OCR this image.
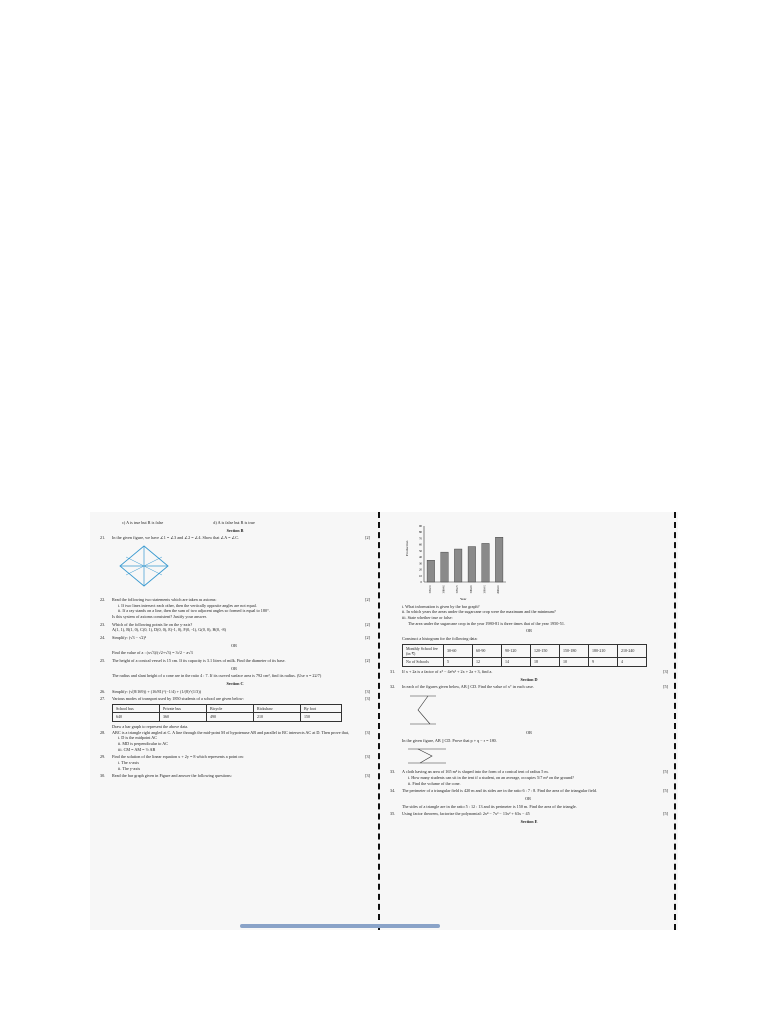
c) A is true but R is false	d) A is false but R is true
Section B
21. In the given figure, we have ∠1 = ∠3 and ∠2 = ∠4. Show that ∠A = ∠C.	[2]
22. Read the following two statements which are taken as axioms:	[2]
i. If two lines intersect each other, then the vertically opposite angles are not equal.
ii. If a ray stands on a line, then the sum of two adjacent angles so formed is equal to 180°.
Is this system of axioms consistent? Justify your answer.
23. Which of the following points lie on the y-axis?	[2]
A(1, 1), B(1, 0), C(0, 1), D(0, 0), E(-1, 0), F(0, -1), G(0, 0), H(0, -8)
24. Simplify: (√3 − √2)²	[2]
OR
Find the value of a : (x√3)/(√2+√3) = 3√2 − a√3
25. The height of a conical vessel is 15 cm. If its capacity is 3.1 litres of milk. Find the diameter of its base.	[2]
OR
The radius and slant height of a cone are in the ratio 4 : 7. If its curved surface area is 792 cm², find its radius. (Use π = 22/7)
Section C
26. Simplify: (√(8/169)) + (16/81)^(−1/4) + (1/(8)^(1/3))	[3]
27. Various modes of transport used by 1850 students of a school are given below:	[3]
School bus	Private bus	Bicycle	Rickshaw	By foot
640	360	490	210	150
Draw a bar graph to represent the above data.
28. ABC is a triangle right angled at C. A line through the mid-point M of hypotenuse AB and parallel to BC intersects AC at D. Then prove that,	[3]
i. D is the midpoint AC
ii. MD is perpendicular to AC
iii. CM = AM = ½ AB
29. Find the solution of the linear equation x + 2y = 8 which represents a point on:	[3]
i. The x-axis
ii. The y-axis
30. Read the bar graph given in Figure and answer the following questions:	[3]
0
10
20
30
40
50
60
70
80
90
1950-51	1960-61	1970-71	1980-81	1990-91	2000-01
Production
Year
i. What information is given by the bar graph?
ii. In which years the areas under the sugarcane crop were the maximum and the minimum?
iii. State whether true or false:
The area under the sugarcane crop in the year 1980-81 is three times that of the year 1950-51.
OR
Construct a histogram for the following data:
Monthly School fee (in ₹)	30-60	60-90	90-120	120-150	150-180	180-210	210-240
No of Schools	5	12	14	18	10	9	4
31. If x + 2a is a factor of x⁵ − 4a²x³ + 2x + 2a + 3, find a.	[3]
Section D
32. In each of the figures given below, AB || CD. Find the value of x° in each case.	[5]
OR
In the given figure, AB || CD. Prove that p + q − r = 180.
33. A cloth having an area of 165 m² is shaped into the form of a conical tent of radius 5 m.	[5]
i. How many students can sit in the tent if a student, on an average, occupies 5/7 m² on the ground?
ii. Find the volume of the cone.
34. The perimeter of a triangular field is 420 m and its sides are in the ratio 6 : 7 : 8. Find the area of the triangular field.	[5]
OR
The sides of a triangle are in the ratio 5 : 12 : 13 and its perimeter is 150 m. Find the area of the triangle.
35. Using factor theorem, factorize the polynomial: 2x⁴ − 7x³ − 13x² + 63x − 45	[5]
Section E
